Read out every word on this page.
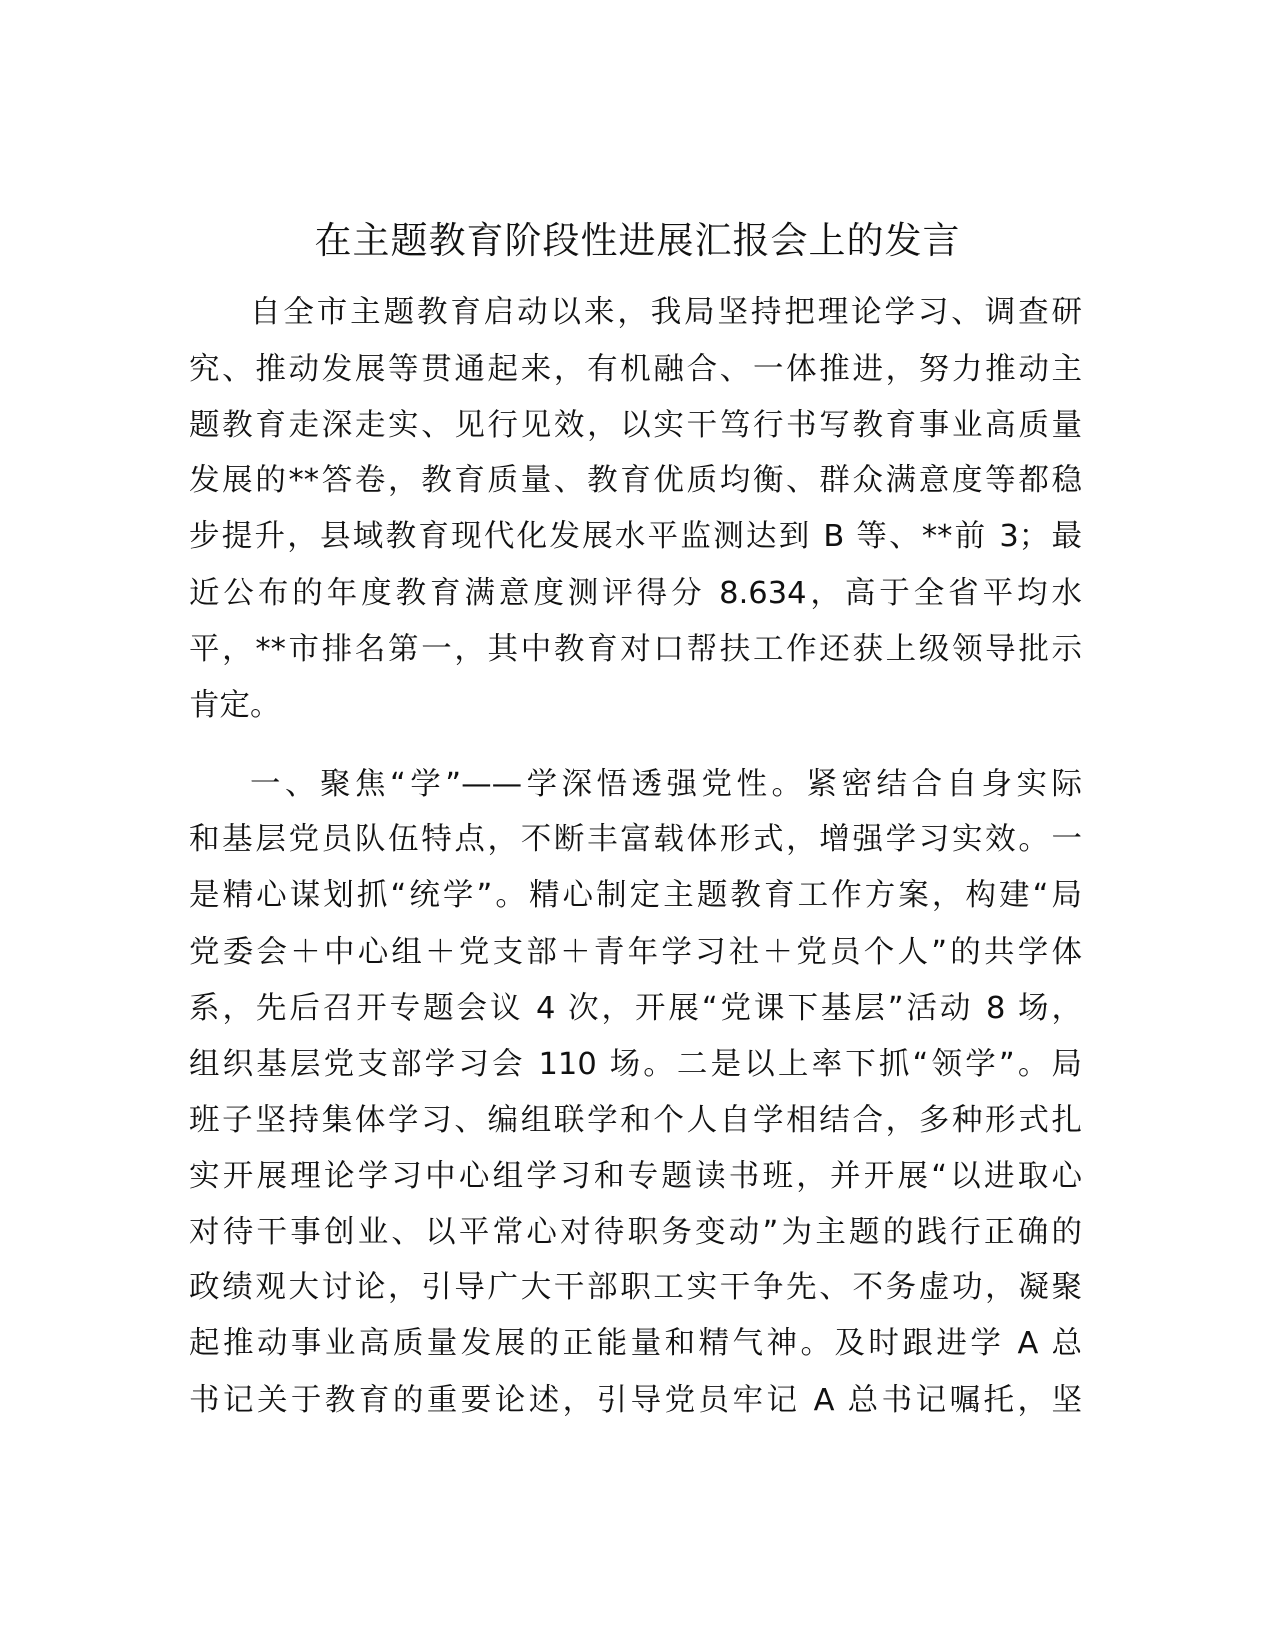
在主题教育阶段性进展汇报会上的发言
自全市主题教育启动以来，我局坚持把理论学习、调查研
究、推动发展等贯通起来，有机融合、一体推进，努力推动主
题教育走深走实、见行见效，以实干笃行书写教育事业高质量
发展的**答卷，教育质量、教育优质均衡、群众满意度等都稳
步提升，县域教育现代化发展水平监测达到 B 等、**前 3；最
近公布的年度教育满意度测评得分 8.634，高于全省平均水
平，**市排名第一，其中教育对口帮扶工作还获上级领导批示
肯定。
一、聚焦“学”——学深悟透强党性。紧密结合自身实际
和基层党员队伍特点，不断丰富载体形式，增强学习实效。一
是精心谋划抓“统学”。精心制定主题教育工作方案，构建“局
党委会＋中心组＋党支部＋青年学习社＋党员个人”的共学体
系，先后召开专题会议 4 次，开展“党课下基层”活动 8 场，
组织基层党支部学习会 110 场。二是以上率下抓“领学”。局
班子坚持集体学习、编组联学和个人自学相结合，多种形式扎
实开展理论学习中心组学习和专题读书班，并开展“以进取心
对待干事创业、以平常心对待职务变动”为主题的践行正确的
政绩观大讨论，引导广大干部职工实干争先、不务虚功，凝聚
起推动事业高质量发展的正能量和精气神。及时跟进学 A 总
书记关于教育的重要论述，引导党员牢记 A 总书记嘱托，坚
